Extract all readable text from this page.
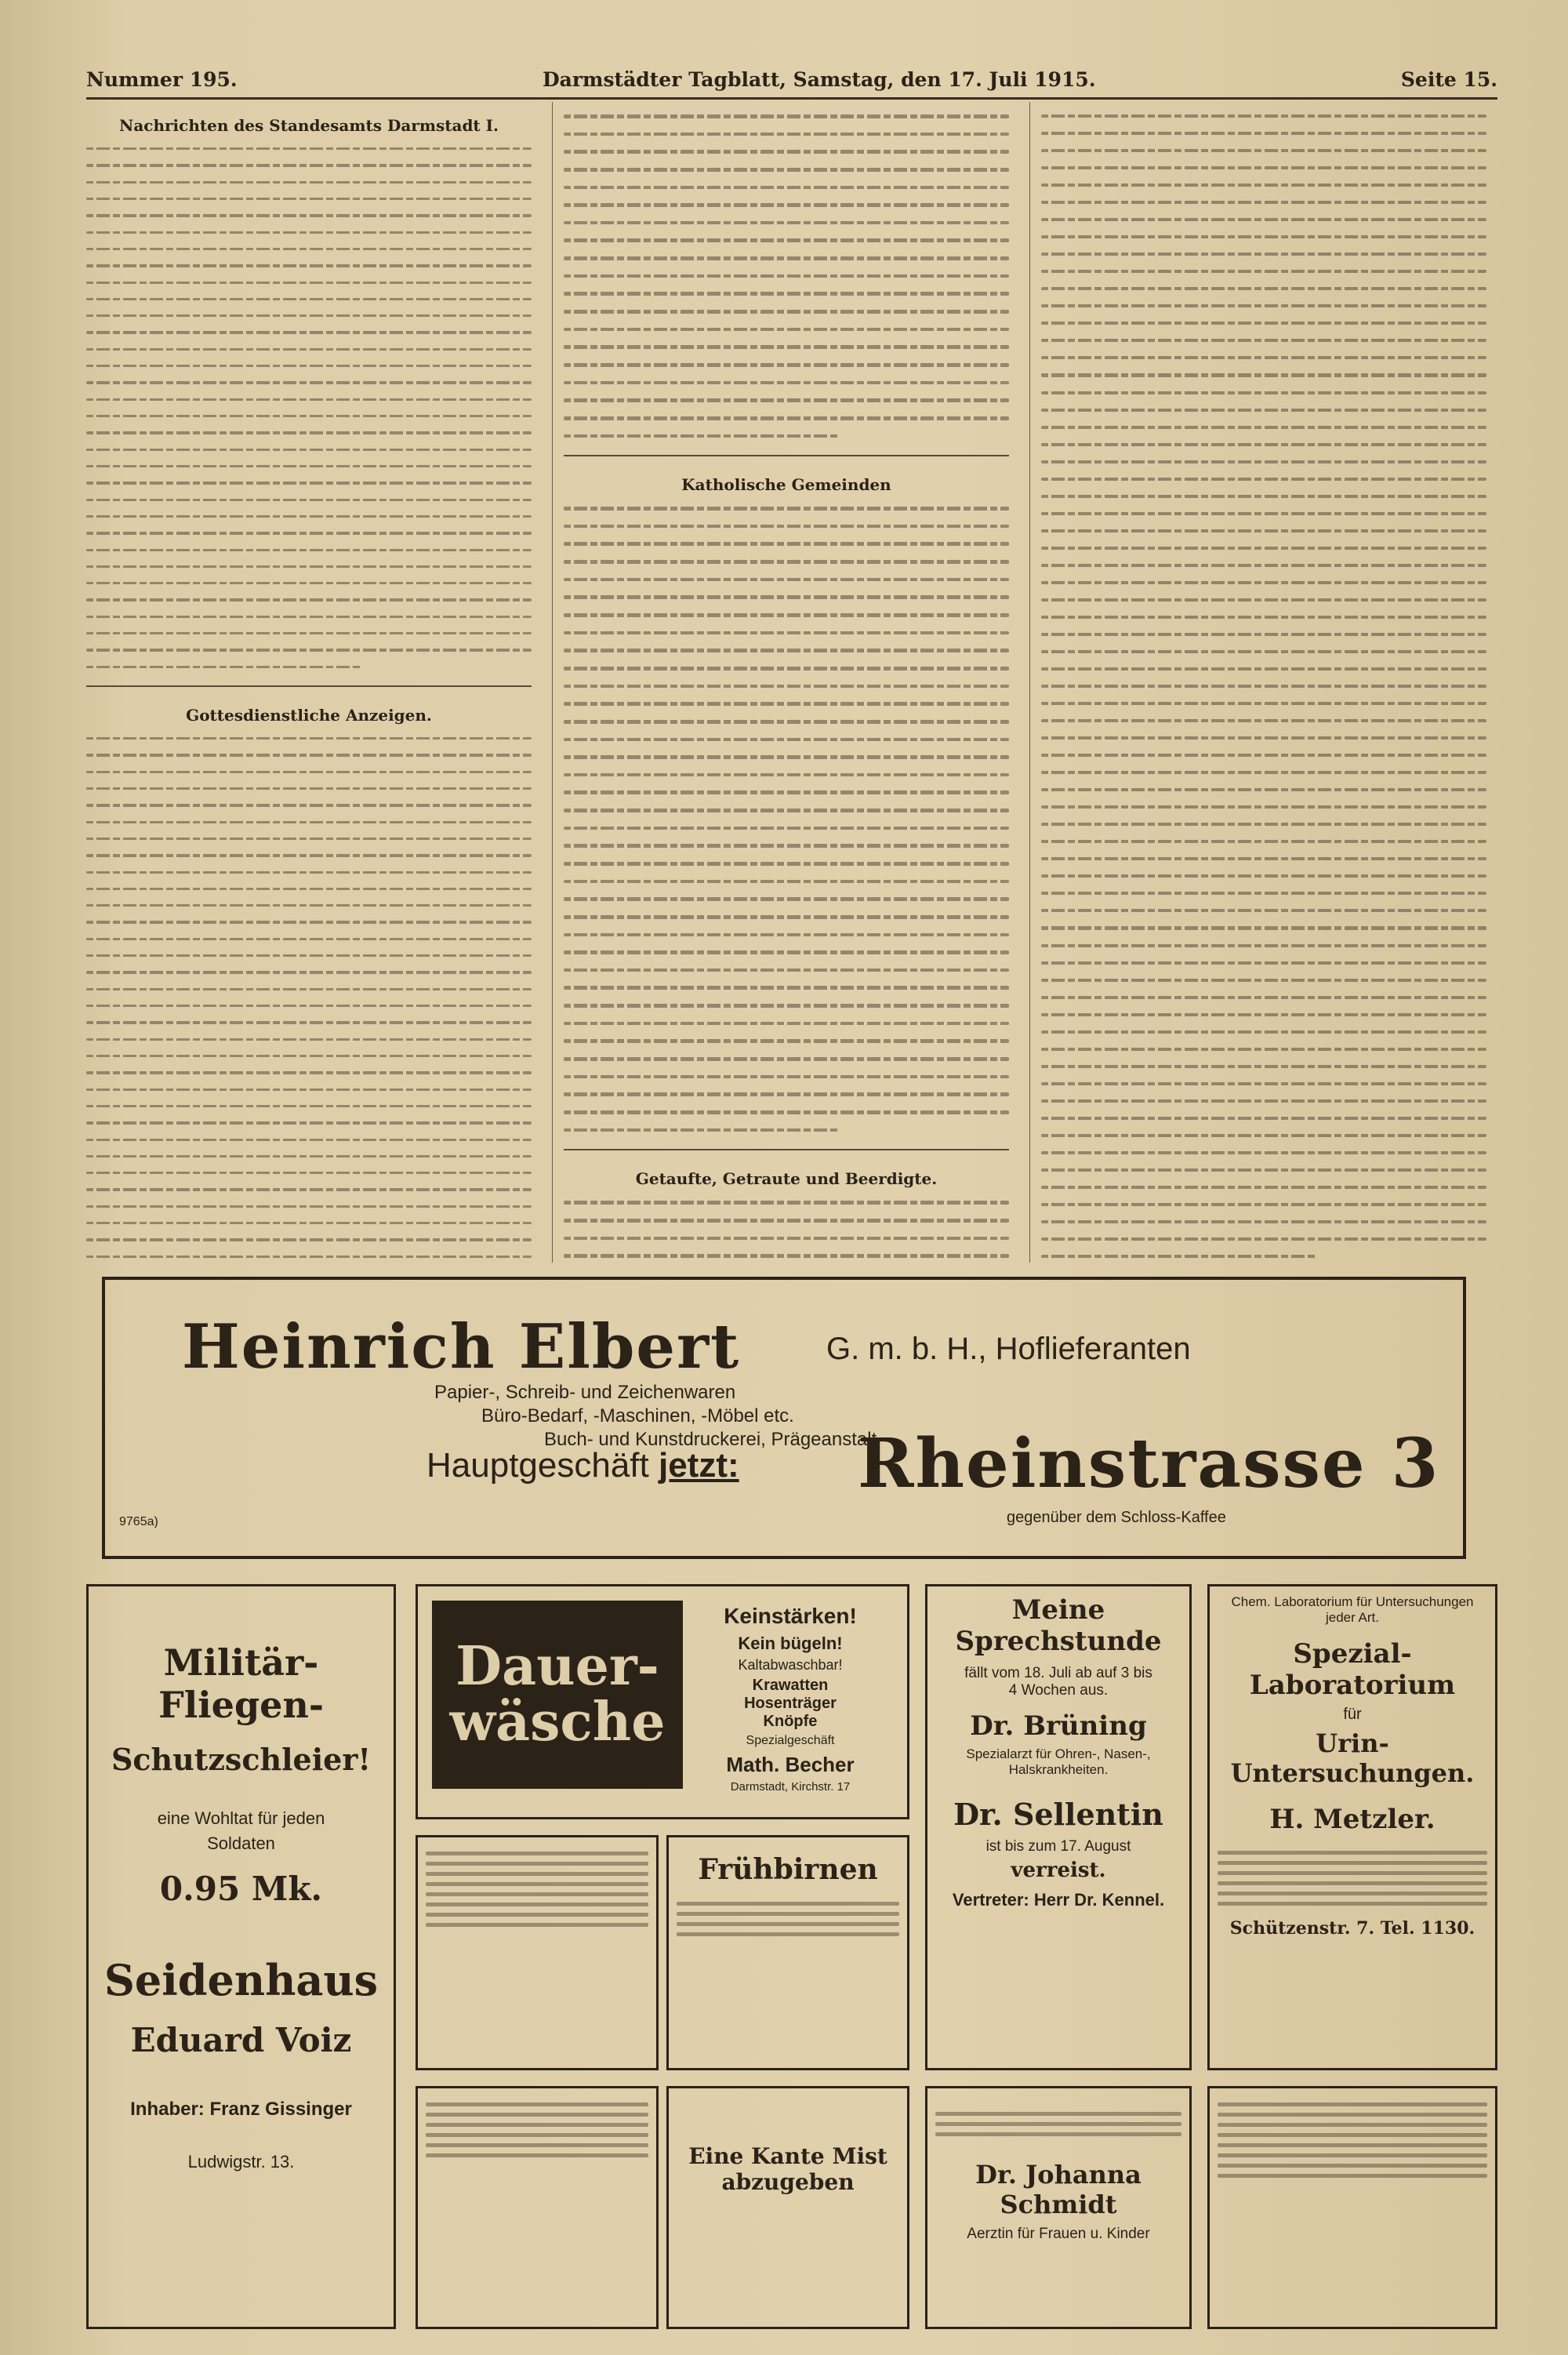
Nummer 195.	Darmstädter Tagblatt, Samstag, den 17. Juli 1915.	Seite 15.
Nachrichten des Standesamts Darmstadt I.
Gottesdienstliche Anzeigen.
Katholische Gemeinden
Getaufte, Getraute und Beerdigte.
Heinrich Elbert	G. m. b. H., Hoflieferanten
Papier-, Schreib- und Zeichenwaren
Büro-Bedarf, -Maschinen, -Möbel etc.
Buch- und Kunstdruckerei, Prägeanstalt
Hauptgeschäft jetzt: Rheinstrasse 3
gegenüber dem Schloss-Kaffee
9765a)
Militär-Fliegen-
Schutzschleier!
eine Wohltat für jeden
Soldaten
0.95 Mk.
Seidenhaus
Eduard Voiz
Inhaber: Franz Gissinger
Ludwigstr. 13.
Dauer-
wäsche
Keinstärken!
Kein bügeln!
Kaltabwaschbar!
Krawatten
Hosenträger
Knöpfe
Spezialgeschäft
Math. Becher
Darmstadt, Kirchstr. 17
Frühbirnen
Eine Kante Mist abzugeben
Meine Sprechstunde
fällt vom 18. Juli ab auf 3 bis
4 Wochen aus.
Dr. Brüning
Spezialarzt für Ohren-, Nasen-, Halskrankheiten.
Dr. Sellentin
ist bis zum 17. August
verreist.
Vertreter: Herr Dr. Kennel.
Dr. Johanna Schmidt
Aerztin für Frauen u. Kinder
Chem. Laboratorium für Untersuchungen jeder Art.
Spezial-Laboratorium
für
Urin-Untersuchungen.
H. Metzler.
Schützenstr. 7. Tel. 1130.
